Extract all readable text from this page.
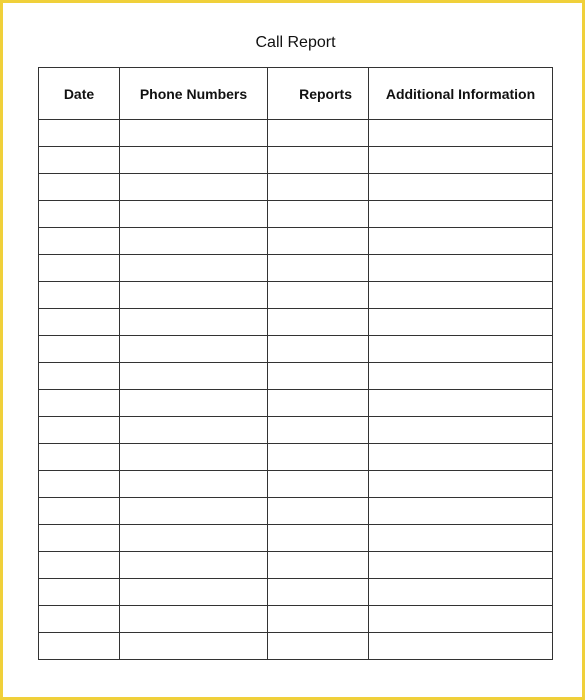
Call Report
Date	Phone Numbers	Reports	Additional Information
